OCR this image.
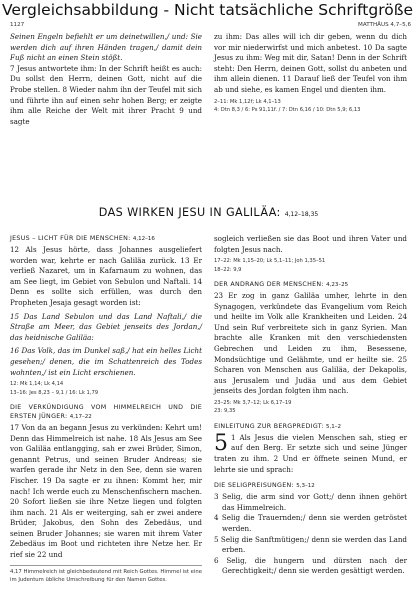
Vergleichsabbildung - Nicht tatsächliche Schriftgröße
1127	MATTHÄUS 4,7–5,6

Seinen Engeln befiehlt er um deinetwillen,/ und: Sie werden dich auf ihren Händen tragen,/ damit dein Fuß nicht an einen Stein stößt.

7 Jesus antwortete ihm: In der Schrift heißt es auch: Du sollst den Herrn, deinen Gott, nicht auf die Probe stellen. 8 Wieder nahm ihn der Teufel mit sich und führte ihn auf einen sehr hohen Berg; er zeigte ihm alle Reiche der Welt mit ihrer Pracht 9 und sagte

zu ihm: Das alles will ich dir geben, wenn du dich vor mir niederwirfst und mich anbetest. 10 Da sagte Jesus zu ihm: Weg mit dir, Satan! Denn in der Schrift steht: Den Herrn, deinen Gott, sollst du anbeten und ihm allein dienen. 11 Darauf ließ der Teufel von ihm ab und siehe, es kamen Engel und dienten ihm.

2–11: Mk 1,12f; Lk 4,1–13

4: Dtn 8,3 / 6: Ps 91,11f. / 7: Dtn 6,16 / 10: Dtn 5,9; 6,13

DAS WIRKEN JESU IN GALILÄA: 4,12–18,35
JESUS – LICHT FÜR DIE MENSCHEN: 4,12–16

12 Als Jesus hörte, dass Johannes ausgeliefert worden war, kehrte er nach Galiläa zurück. 13 Er verließ Nazaret, um in Kafarnaum zu wohnen, das am See liegt, im Gebiet von Sebulon und Naftali. 14 Denn es sollte sich erfüllen, was durch den Propheten Jesaja gesagt worden ist:

15 Das Land Sebulon und das Land Naftali,/ die Straße am Meer, das Gebiet jenseits des Jordan,/ das heidnische Galiläa:

16 Das Volk, das im Dunkel saß,/ hat ein helles Licht gesehen;/ denen, die im Schattenreich des Todes wohnten,/ ist ein Licht erschienen.

12: Mk 1,14; Lk 4,14

13–16: Jes 8,23 – 9,1 / 16: Lk 1,79

DIE VERKÜNDIGUNG VOM HIMMELREICH UND DIE ERSTEN JÜNGER: 4,17–22

17 Von da an begann Jesus zu verkünden: Kehrt um! Denn das Himmelreich ist nahe. 18 Als Jesus am See von Galiläa entlangging, sah er zwei Brüder, Simon, genannt Petrus, und seinen Bruder Andreas; sie warfen gerade ihr Netz in den See, denn sie waren Fischer. 19 Da sagte er zu ihnen: Kommt her, mir nach! Ich werde euch zu Menschenfischern machen. 20 Sofort ließen sie ihre Netze liegen und folgten ihm nach. 21 Als er weiterging, sah er zwei andere Brüder, Jakobus, den Sohn des Zebedäus, und seinen Bruder Johannes; sie waren mit ihrem Vater Zebedäus im Boot und richteten ihre Netze her. Er rief sie 22 und

4,17 Himmelreich ist gleichbedeutend mit Reich Gottes. Himmel ist eine im Judentum übliche Umschreibung für den Namen Gottes.

sogleich verließen sie das Boot und ihren Vater und folgten Jesus nach.

17–22: Mk 1,15–20; Lk 5,1–11; Joh 1,35–51

18–22: 9,9

DER ANDRANG DER MENSCHEN: 4,23–25

23 Er zog in ganz Galiläa umher, lehrte in den Synagogen, verkündete das Evangelium vom Reich und heilte im Volk alle Krankheiten und Leiden. 24 Und sein Ruf verbreitete sich in ganz Syrien. Man brachte alle Kranken mit den verschiedensten Gebrechen und Leiden zu ihm, Besessene, Mondsüchtige und Gelähmte, und er heilte sie. 25 Scharen von Menschen aus Galiläa, der Dekapolis, aus Jerusalem und Judäa und aus dem Gebiet jenseits des Jordan folgten ihm nach.

23–25: Mk 3,7–12; Lk 6,17–19

23: 9,35

EINLEITUNG ZUR BERGPREDIGT: 5,1–2
5 1 Als Jesus die vielen Menschen sah, stieg er auf den Berg. Er setzte sich und seine Jünger traten zu ihm. 2 Und er öffnete seinen Mund, er lehrte sie und sprach:
DIE SELIGPREISUNGEN: 5,3–12

3 Selig, die arm sind vor Gott;/ denn ihnen gehört das Himmelreich.

4 Selig die Trauernden;/ denn sie werden getröstet werden.

5 Selig die Sanftmütigen;/ denn sie werden das Land erben.

6 Selig, die hungern und dürsten nach der Gerechtigkeit;/ denn sie werden gesättigt werden.
